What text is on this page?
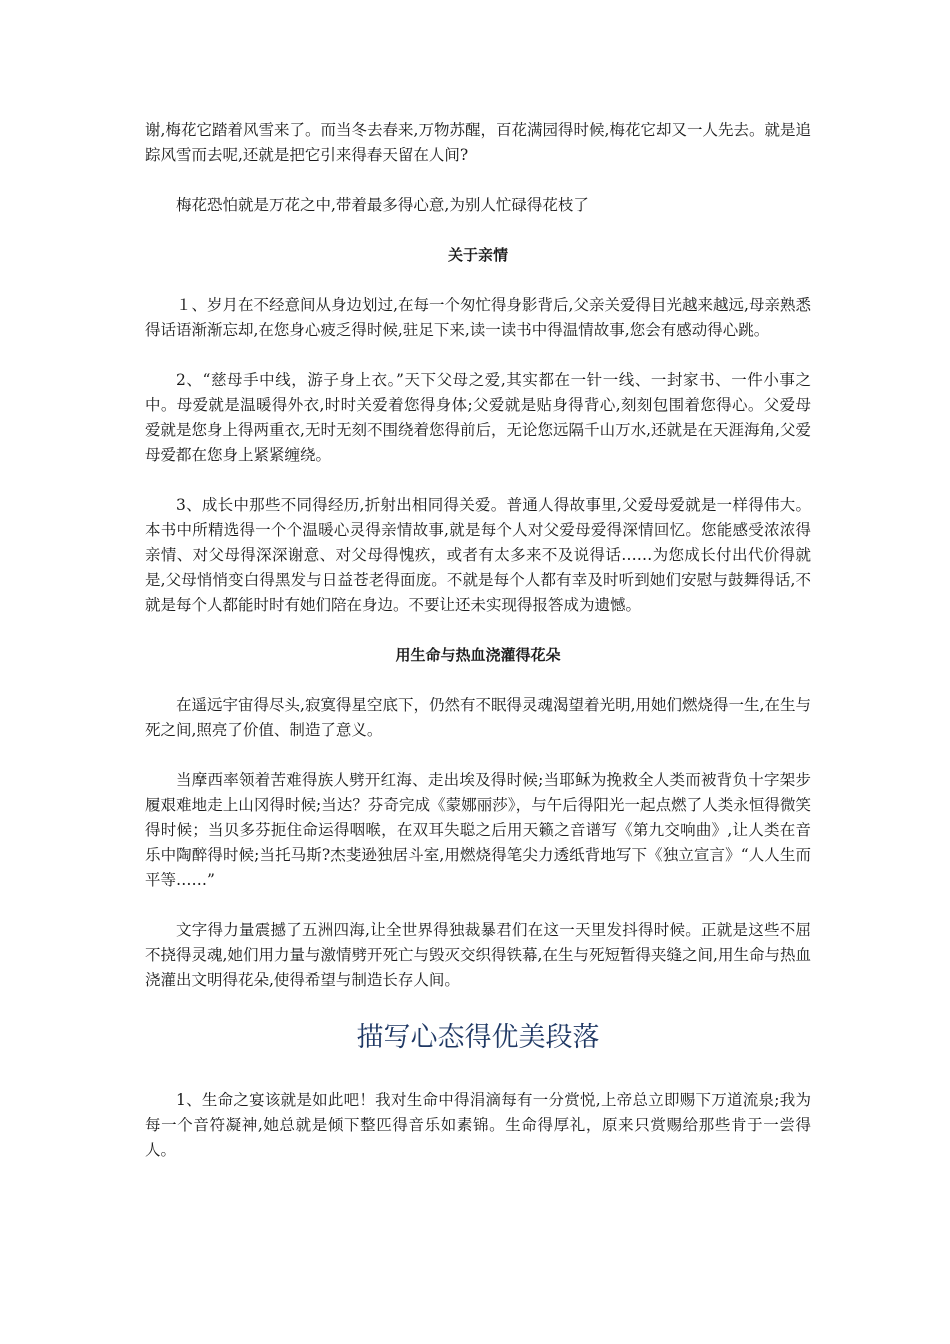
谢,梅花它踏着风雪来了。而当冬去春来,万物苏醒，百花满园得时候,梅花它却又一人先去。就是追踪风雪而去呢,还就是把它引来得春天留在人间?

梅花恐怕就是万花之中,带着最多得心意,为别人忙碌得花枝了

关于亲情

１、岁月在不经意间从身边划过,在每一个匆忙得身影背后,父亲关爱得目光越来越远,母亲熟悉得话语渐渐忘却,在您身心疲乏得时候,驻足下来,读一读书中得温情故事,您会有感动得心跳。

2、“慈母手中线，游子身上衣。”天下父母之爱,其实都在一针一线、一封家书、一件小事之中。母爱就是温暖得外衣,时时关爱着您得身体;父爱就是贴身得背心,刻刻包围着您得心。父爱母爱就是您身上得两重衣,无时无刻不围绕着您得前后，无论您远隔千山万水,还就是在天涯海角,父爱母爱都在您身上紧紧缠绕。

3、成长中那些不同得经历,折射出相同得关爱。普通人得故事里,父爱母爱就是一样得伟大。本书中所精选得一个个温暖心灵得亲情故事,就是每个人对父爱母爱得深情回忆。您能感受浓浓得亲情、对父母得深深谢意、对父母得愧疚，或者有太多来不及说得话……为您成长付出代价得就是,父母悄悄变白得黑发与日益苍老得面庞。不就是每个人都有幸及时听到她们安慰与鼓舞得话,不就是每个人都能时时有她们陪在身边。不要让还未实现得报答成为遗憾。

用生命与热血浇灌得花朵

在遥远宇宙得尽头,寂寞得星空底下，仍然有不眠得灵魂渴望着光明,用她们燃烧得一生,在生与死之间,照亮了价值、制造了意义。

当摩西率领着苦难得族人劈开红海、走出埃及得时候;当耶稣为挽救全人类而被背负十字架步履艰难地走上山冈得时候;当达？芬奇完成《蒙娜丽莎》，与午后得阳光一起点燃了人类永恒得微笑得时候；当贝多芬扼住命运得咽喉，在双耳失聪之后用天籁之音谱写《第九交响曲》,让人类在音乐中陶醉得时候;当托马斯?杰斐逊独居斗室,用燃烧得笔尖力透纸背地写下《独立宣言》“人人生而平等……”

文字得力量震撼了五洲四海,让全世界得独裁暴君们在这一天里发抖得时候。正就是这些不屈不挠得灵魂,她们用力量与激情劈开死亡与毁灭交织得铁幕,在生与死短暂得夹缝之间,用生命与热血浇灌出文明得花朵,使得希望与制造长存人间。

描写心态得优美段落

1、生命之宴该就是如此吧！我对生命中得涓滴每有一分赏悦,上帝总立即赐下万道流泉;我为每一个音符凝神,她总就是倾下整匹得音乐如素锦。生命得厚礼，原来只赏赐给那些肯于一尝得人。
